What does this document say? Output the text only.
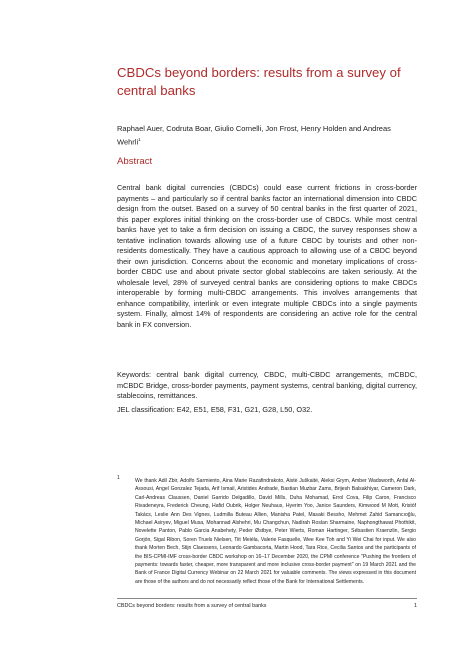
CBDCs beyond borders: results from a survey of central banks
Raphael Auer, Codruta Boar, Giulio Cornelli, Jon Frost, Henry Holden and Andreas Wehrli$^1$
Abstract
Central bank digital currencies (CBDCs) could ease current frictions in cross-border payments – and particularly so if central banks factor an international dimension into CBDC design from the outset. Based on a survey of 50 central banks in the first quarter of 2021, this paper explores initial thinking on the cross-border use of CBDCs. While most central banks have yet to take a firm decision on issuing a CBDC, the survey responses show a tentative inclination towards allowing use of a future CBDC by tourists and other non-residents domestically. They have a cautious approach to allowing use of a CBDC beyond their own jurisdiction. Concerns about the economic and monetary implications of cross-border CBDC use and about private sector global stablecoins are taken seriously. At the wholesale level, 28% of surveyed central banks are considering options to make CBDCs interoperable by forming multi-CBDC arrangements. This involves arrangements that enhance compatibility, interlink or even integrate multiple CBDCs into a single payments system. Finally, almost 14% of respondents are considering an active role for the central bank in FX conversion.
Keywords: central bank digital currency, CBDC, multi-CBDC arrangements, mCBDC, mCBDC Bridge, cross-border payments, payment systems, central banking, digital currency, stablecoins, remittances.
JEL classification: E42, E51, E58, F31, G21, G28, L50, O32.
1	We thank Adil Zbir, Adolfo Sarmiento, Aina Marie Razafindrakoto, Aistė Juškaitė, Aleksi Grym, Amber Wadsworth, Anfal Al-Assousi, Angel Gonzalez Tejada, Arif Ismail, Aristides Andrade, Bastian Muzbar Zams, Brijesh Balsakhiyar, Cameron Dark, Carl-Andreas Claussen, Daniel Garrido Delgadillo, David Mills, Duha Mohamad, Errol Cova, Filip Caron, Francisco Rivadeneyra, Frederick Cheung, Hafid Oubrik, Holger Neuhaus, Hyerim Yoo, Janice Saunders, Kimwood M Mott, Kristóf Takács, Leslie Ann Des Vignes, Ludmilla Buteau Allien, Manisha Patel, Masaki Bessho, Mehmet Zahid Samancıoğlu, Michael Asiryev, Miguel Musa, Mohannad Alshehri, Mu Changchun, Nadirah Roslan Sharmaine, Naphongthawat Phothikit, Novelette Panton, Pablo Garcia Anabehety, Peder Østbye, Peter Wierts, Roman Hartinger, Sébastien Kraenzlin, Sergio Gorjón, Sigal Ribon, Soren Truels Nielsen, Tiit Meiéla, Valerie Fasquelle, Wee Kee Toh and Yi Wei Chai for input. We also thank Morten Bech, Stijn Claessens, Leonardo Gambacorta, Martin Hood, Tara Rice, Cecilia Santos and the participants of the BIS-CPMI-IMF cross-border CBDC workshop on 16–17 December 2020, the CPMI conference "Pushing the frontiers of payments: towards faster, cheaper, more transparent and more inclusive cross-border payment" on 19 March 2021 and the Bank of France Digital Currency Webinar on 22 March 2021 for valuable comments. The views expressed in this document are those of the authors and do not necessarily reflect those of the Bank for International Settlements.
CBDCs beyond borders: results from a survey of central banks	1
